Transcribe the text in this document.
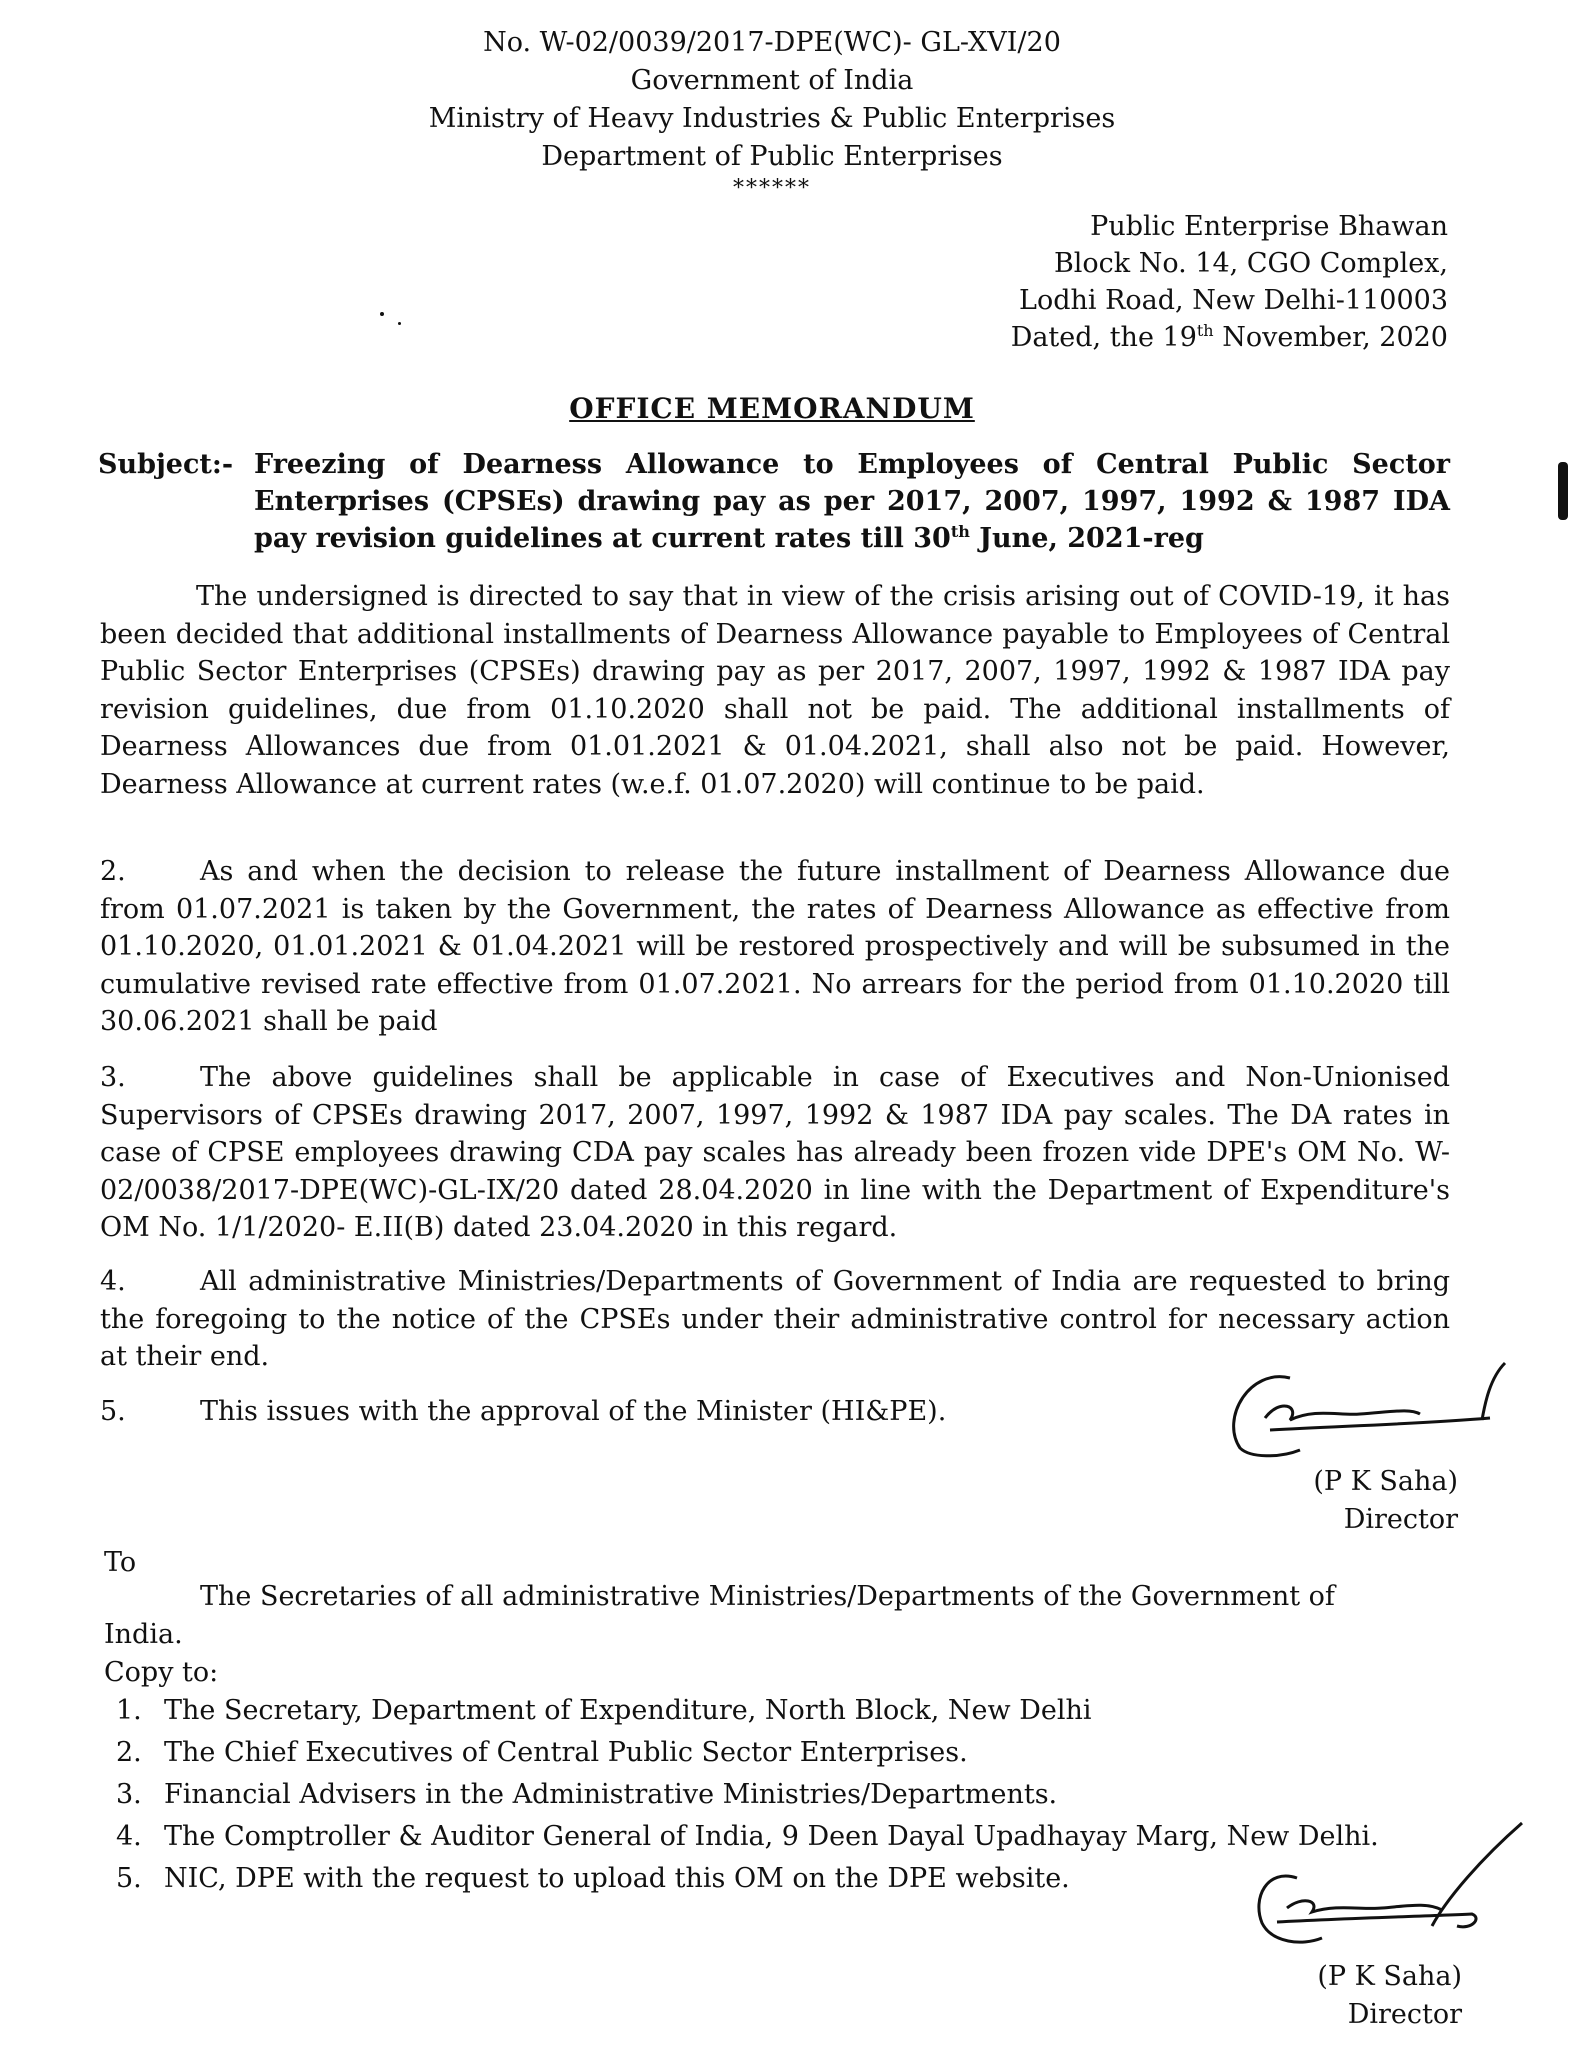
No. W-02/0039/2017-DPE(WC)- GL-XVI/20
Government of India
Ministry of Heavy Industries & Public Enterprises
Department of Public Enterprises
******
Public Enterprise Bhawan
Block No. 14, CGO Complex,
Lodhi Road, New Delhi-110003
Dated, the 19th November, 2020
OFFICE MEMORANDUM
Subject:- Freezing of Dearness Allowance to Employees of Central Public Sector Enterprises (CPSEs) drawing pay as per 2017, 2007, 1997, 1992 & 1987 IDA pay revision guidelines at current rates till 30th June, 2021-reg
The undersigned is directed to say that in view of the crisis arising out of COVID-19, it has been decided that additional installments of Dearness Allowance payable to Employees of Central Public Sector Enterprises (CPSEs) drawing pay as per 2017, 2007, 1997, 1992 & 1987 IDA pay revision guidelines, due from 01.10.2020 shall not be paid. The additional installments of Dearness Allowances due from 01.01.2021 & 01.04.2021, shall also not be paid. However, Dearness Allowance at current rates (w.e.f. 01.07.2020) will continue to be paid.
2.	As and when the decision to release the future installment of Dearness Allowance due from 01.07.2021 is taken by the Government, the rates of Dearness Allowance as effective from 01.10.2020, 01.01.2021 & 01.04.2021 will be restored prospectively and will be subsumed in the cumulative revised rate effective from 01.07.2021. No arrears for the period from 01.10.2020 till 30.06.2021 shall be paid
3.	The above guidelines shall be applicable in case of Executives and Non-Unionised Supervisors of CPSEs drawing 2017, 2007, 1997, 1992 & 1987 IDA pay scales. The DA rates in case of CPSE employees drawing CDA pay scales has already been frozen vide DPE's OM No. W-02/0038/2017-DPE(WC)-GL-IX/20 dated 28.04.2020 in line with the Department of Expenditure's OM No. 1/1/2020- E.II(B) dated 23.04.2020 in this regard.
4.	All administrative Ministries/Departments of Government of India are requested to bring the foregoing to the notice of the CPSEs under their administrative control for necessary action at their end.
5.	This issues with the approval of the Minister (HI&PE).
(P K Saha)
Director
To
The Secretaries of all administrative Ministries/Departments of the Government of
India.
Copy to:
1. The Secretary, Department of Expenditure, North Block, New Delhi
2. The Chief Executives of Central Public Sector Enterprises.
3. Financial Advisers in the Administrative Ministries/Departments.
4. The Comptroller & Auditor General of India, 9 Deen Dayal Upadhayay Marg, New Delhi.
5. NIC, DPE with the request to upload this OM on the DPE website.
(P K Saha)
Director
